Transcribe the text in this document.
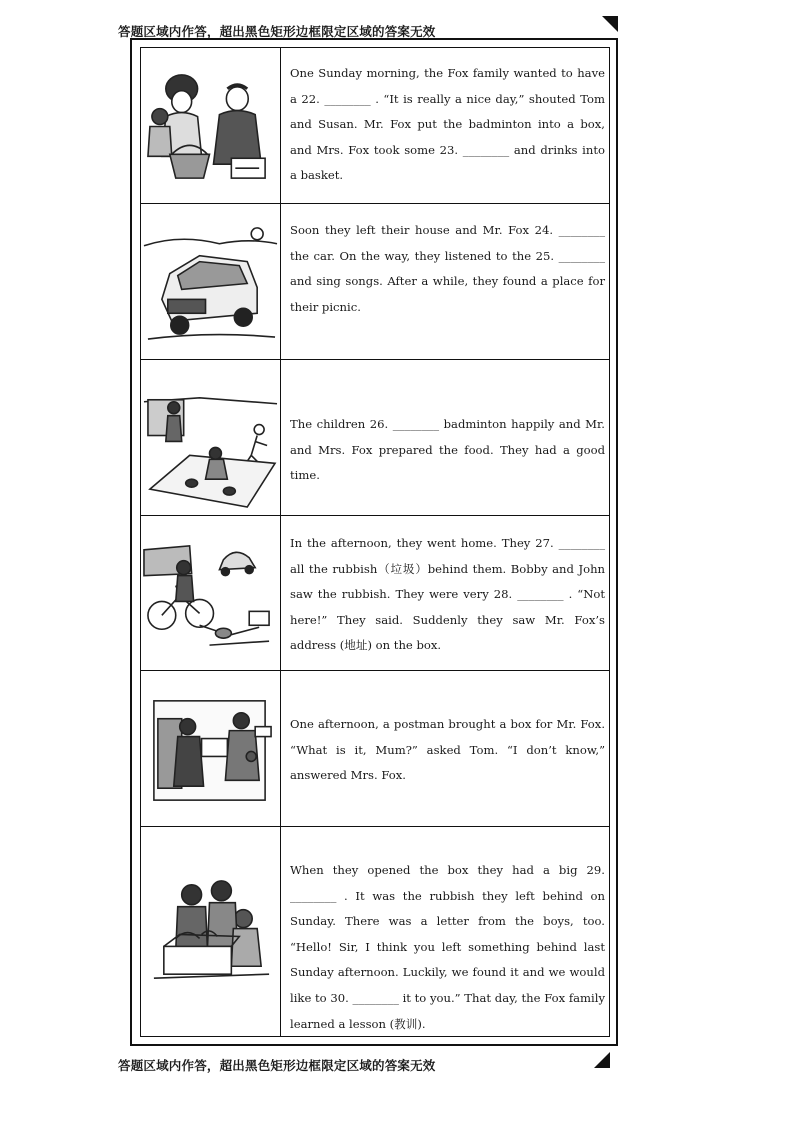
答题区域内作答，超出黑色矩形边框限定区域的答案无效
One Sunday morning, the Fox family wanted to have a 22. ________ . “It is really a nice day,” shouted Tom and Susan. Mr. Fox put the badminton into a box, and Mrs. Fox took some 23. ________ and drinks into a basket.
Soon they left their house and Mr. Fox 24. ________ the car. On the way, they listened to the 25. ________ and sing songs. After a while, they found a place for their picnic.
The children 26. ________ badminton happily and Mr. and Mrs. Fox prepared the food. They had a good time.
In the afternoon, they went home. They 27. ________ all the rubbish（垃圾）behind them. Bobby and John saw the rubbish. They were very 28. ________ . “Not here!” They said. Suddenly they saw Mr. Fox’s address (地址) on the box.
One afternoon, a postman brought a box for Mr. Fox. “What is it, Mum?” asked Tom. “I don’t know,” answered Mrs. Fox.
When they opened the box they had a big 29. ________ . It was the rubbish they left behind on Sunday. There was a letter from the boys, too. “Hello! Sir, I think you left something behind last Sunday afternoon. Luckily, we found it and we would like to 30. ________ it to you.” That day, the Fox family learned a lesson (教训).
答题区域内作答，超出黑色矩形边框限定区域的答案无效
